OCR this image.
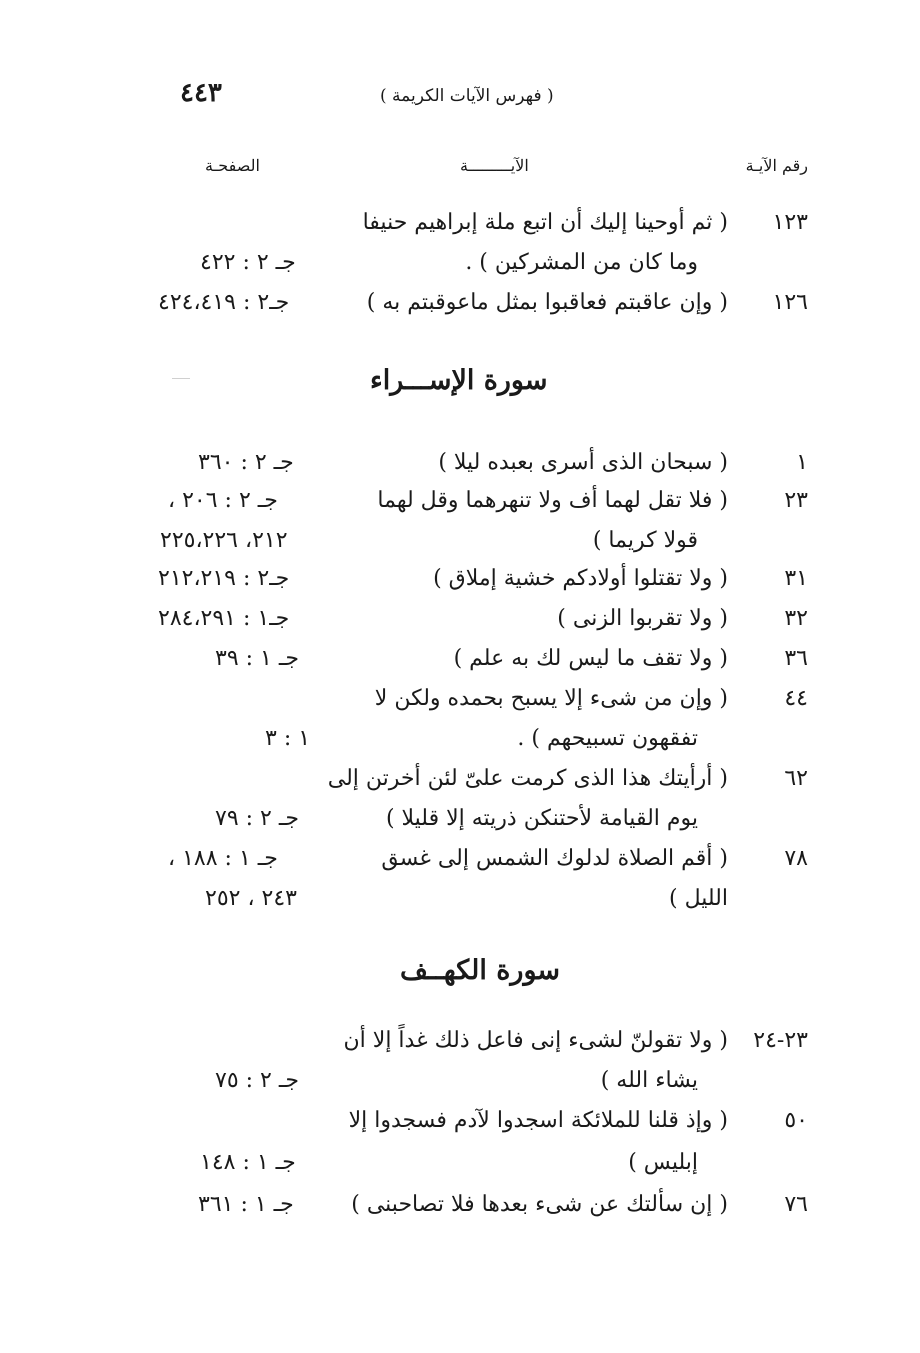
٤٤٣	( فهرس الآيات الكريمة )
رقم الآيـة
الآيـــــــــة
الصفحـة
١٢٣
( ثم أوحينا إليك أن اتبع ملة إبراهيم حنيفا
وما كان من المشركين ) .
جـ ٢ : ٤٢٢
١٢٦
( وإن عاقبتم فعاقبوا بمثل ماعوقبتم به )
جـ٢ : ٤٢٤،٤١٩
سورة الإســـراء
١
( سبحان الذى أسرى بعبده ليلا )
جـ ٢ : ٣٦٠
٢٣
( فلا تقل لهما أف ولا تنهرهما وقل لهما
جـ ٢ : ٢٠٦ ،
قولا كريما )
٢١٢، ٢٢٥،٢٢٦
٣١
( ولا تقتلوا أولادكم خشية إملاق )
جـ٢ : ٢١٢،٢١٩
٣٢
( ولا تقربوا الزنى )
جـ١ : ٢٨٤،٢٩١
٣٦
( ولا تقف ما ليس لك به علم )
جـ ١ : ٣٩
٤٤
( وإن من شىء إلا يسبح بحمده ولكن لا
تفقهون تسبيحهم ) .
١ : ٣
٦٢
( أرأيتك هذا الذى كرمت علىّ لئن أخرتن إلى
يوم القيامة لأحتنكن ذريته إلا قليلا )
جـ ٢ : ٧٩
٧٨
( أقم الصلاة لدلوك الشمس إلى غسق
جـ ١ : ١٨٨ ،
الليل )
٢٤٣ ، ٢٥٢
سورة الكهــف
٢٣-٢٤
( ولا تقولنّ لشىء إنى فاعل ذلك غداً إلا أن
يشاء الله )
جـ ٢ : ٧٥
٥٠
( وإذ قلنا للملائكة اسجدوا لآدم فسجدوا إلا
إبليس )
جـ ١ : ١٤٨
٧٦
( إن سألتك عن شىء بعدها فلا تصاحبنى )
جـ ١ : ٣٦١
